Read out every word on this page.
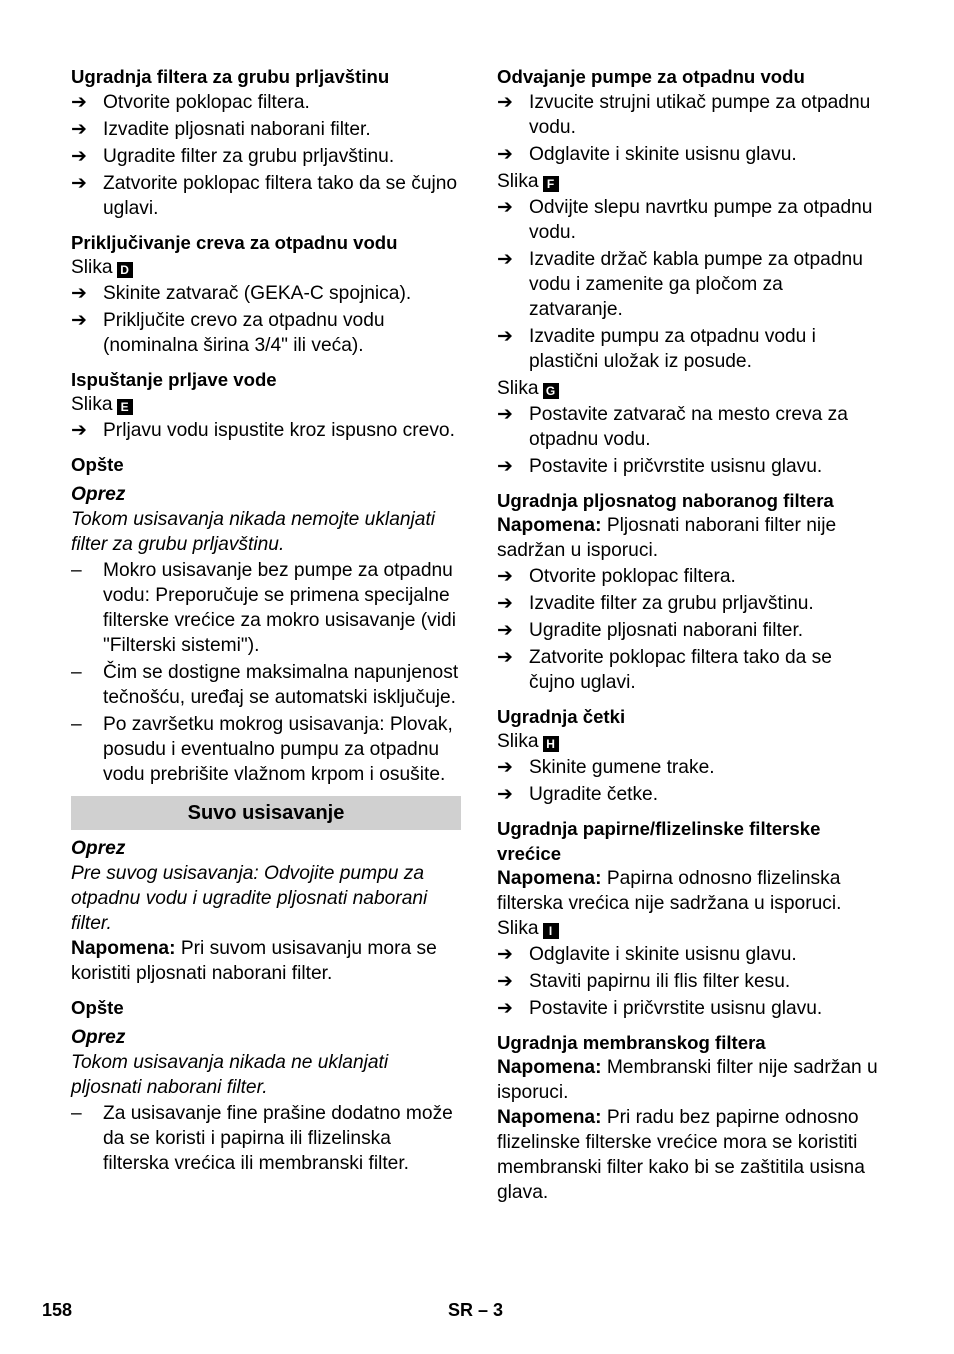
Ugradnja filtera za grubu prljavštinu
➔ Otvorite poklopac filtera.
➔ Izvadite pljosnati naborani filter.
➔ Ugradite filter za grubu prljavštinu.
➔ Zatvorite poklopac filtera tako da se čujno uglavi.
Priključivanje creva za otpadnu vodu
Slika D
➔ Skinite zatvarač (GEKA-C spojnica).
➔ Priključite crevo za otpadnu vodu (nominalna širina 3/4" ili veća).
Ispuštanje prljave vode
Slika E
➔ Prljavu vodu ispustite kroz ispusno crevo.
Opšte
Oprez
Tokom usisavanja nikada nemojte uklanjati filter za grubu prljavštinu.
–	Mokro usisavanje bez pumpe za otpadnu vodu: Preporučuje se primena specijalne filterske vrećice za mokro usisavanje (vidi "Filterski sistemi").
–	Čim se dostigne maksimalna napunjenost tečnošću, uređaj se automatski isključuje.
–	Po završetku mokrog usisavanja: Plovak, posudu i eventualno pumpu za otpadnu vodu prebrišite vlažnom krpom i osušite.
Suvo usisavanje
Oprez
Pre suvog usisavanja: Odvojite pumpu za otpadnu vodu i ugradite pljosnati naborani filter.
Napomena: Pri suvom usisavanju mora se koristiti pljosnati naborani filter.
Opšte
Oprez
Tokom usisavanja nikada ne uklanjati pljosnati naborani filter.
–	Za usisavanje fine prašine dodatno može da se koristi i papirna ili flizelinska filterska vrećica ili membranski filter.
Odvajanje pumpe za otpadnu vodu
➔ Izvucite strujni utikač pumpe za otpadnu vodu.
➔ Odglavite i skinite usisnu glavu.
Slika F
➔ Odvijte slepu navrtku pumpe za otpadnu vodu.
➔ Izvadite držač kabla pumpe za otpadnu vodu i zamenite ga pločom za zatvaranje.
➔ Izvadite pumpu za otpadnu vodu i plastični uložak iz posude.
Slika G
➔ Postavite zatvarač na mesto creva za otpadnu vodu.
➔ Postavite i pričvrstite usisnu glavu.
Ugradnja pljosnatog naboranog filtera
Napomena: Pljosnati naborani filter nije sadržan u isporuci.
➔ Otvorite poklopac filtera.
➔ Izvadite filter za grubu prljavštinu.
➔ Ugradite pljosnati naborani filter.
➔ Zatvorite poklopac filtera tako da se čujno uglavi.
Ugradnja četki
Slika H
➔ Skinite gumene trake.
➔ Ugradite četke.
Ugradnja papirne/flizelinske filterske vrećice
Napomena: Papirna odnosno flizelinska filterska vrećica nije sadržana u isporuci.
Slika I
➔ Odglavite i skinite usisnu glavu.
➔ Staviti papirnu ili flis filter kesu.
➔ Postavite i pričvrstite usisnu glavu.
Ugradnja membranskog filtera
Napomena: Membranski filter nije sadržan u isporuci.
Napomena: Pri radu bez papirne odnosno flizelinske filterske vrećice mora se koristiti membranski filter kako bi se zaštitila usisna glava.
158	SR – 3
